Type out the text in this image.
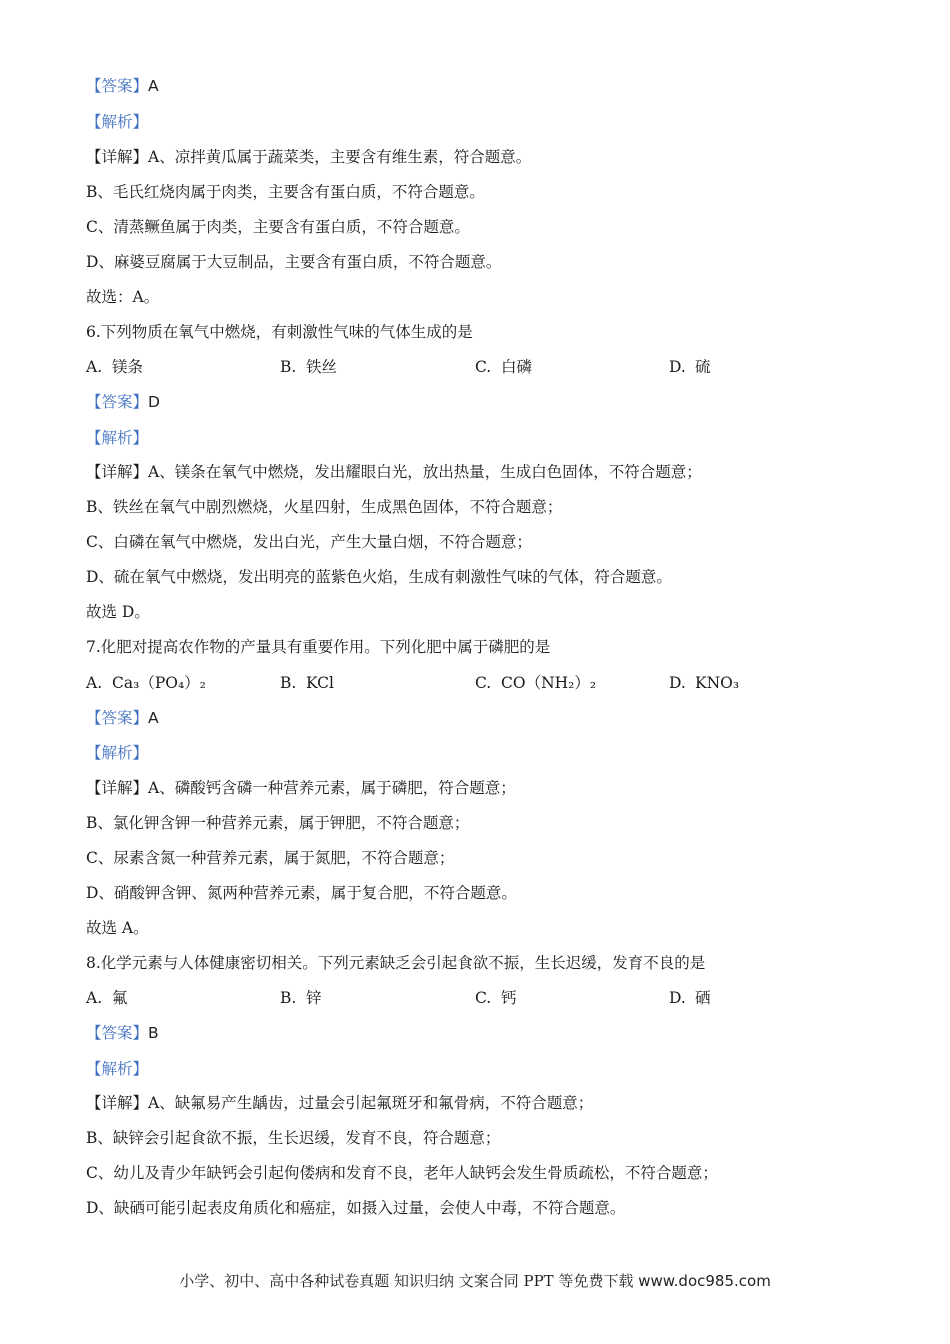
【答案】A
【解析】
【详解】A、凉拌黄瓜属于蔬菜类，主要含有维生素，符合题意。
B、毛氏红烧肉属于肉类，主要含有蛋白质，不符合题意。
C、清蒸鳜鱼属于肉类，主要含有蛋白质，不符合题意。
D、麻婆豆腐属于大豆制品，主要含有蛋白质，不符合题意。
故选：A。
6.下列物质在氧气中燃烧，有刺激性气味的气体生成的是
A. 镁条	B. 铁丝	C. 白磷	D. 硫
【答案】D
【解析】
【详解】A、镁条在氧气中燃烧，发出耀眼白光，放出热量，生成白色固体，不符合题意；
B、铁丝在氧气中剧烈燃烧，火星四射，生成黑色固体，不符合题意；
C、白磷在氧气中燃烧，发出白光，产生大量白烟，不符合题意；
D、硫在氧气中燃烧，发出明亮的蓝紫色火焰，生成有刺激性气味的气体，符合题意。
故选 D。
7.化肥对提高农作物的产量具有重要作用。下列化肥中属于磷肥的是
A. Ca₃（PO₄）₂	B. KCl	C. CO（NH₂）₂	D. KNO₃
【答案】A
【解析】
【详解】A、磷酸钙含磷一种营养元素，属于磷肥，符合题意；
B、氯化钾含钾一种营养元素，属于钾肥，不符合题意；
C、尿素含氮一种营养元素，属于氮肥，不符合题意；
D、硝酸钾含钾、氮两种营养元素，属于复合肥，不符合题意。
故选 A。
8.化学元素与人体健康密切相关。下列元素缺乏会引起食欲不振，生长迟缓，发育不良的是
A. 氟	B. 锌	C. 钙	D. 硒
【答案】B
【解析】
【详解】A、缺氟易产生龋齿，过量会引起氟斑牙和氟骨病，不符合题意；
B、缺锌会引起食欲不振，生长迟缓，发育不良，符合题意；
C、幼儿及青少年缺钙会引起佝偻病和发育不良，老年人缺钙会发生骨质疏松，不符合题意；
D、缺硒可能引起表皮角质化和癌症，如摄入过量，会使人中毒，不符合题意。
小学、初中、高中各种试卷真题 知识归纳 文案合同 PPT 等免费下载 www.doc985.com
